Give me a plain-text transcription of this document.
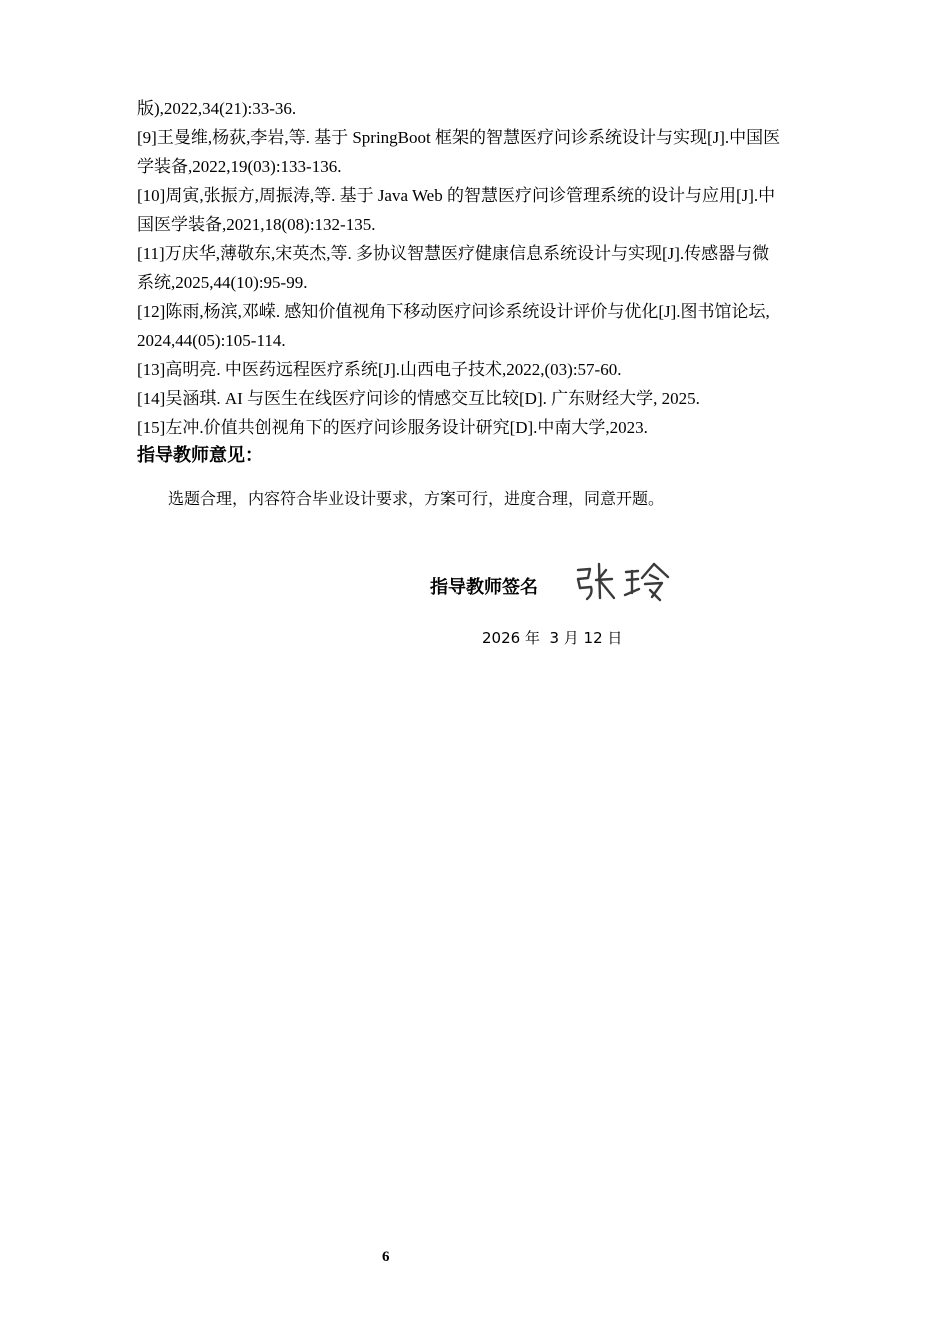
版),2022,34(21):33-36.
[9]王曼维,杨荻,李岩,等. 基于 SpringBoot 框架的智慧医疗问诊系统设计与实现[J].中国医
学装备,2022,19(03):133-136.
[10]周寅,张振方,周振涛,等. 基于 Java Web 的智慧医疗问诊管理系统的设计与应用[J].中
国医学装备,2021,18(08):132-135.
[11]万庆华,薄敬东,宋英杰,等. 多协议智慧医疗健康信息系统设计与实现[J].传感器与微
系统,2025,44(10):95-99.
[12]陈雨,杨滨,邓嵘. 感知价值视角下移动医疗问诊系统设计评价与优化[J].图书馆论坛,
2024,44(05):105-114.
[13]高明亮. 中医药远程医疗系统[J].山西电子技术,2022,(03):57-60.
[14]吴涵琪. AI 与医生在线医疗问诊的情感交互比较[D]. 广东财经大学, 2025.
[15]左冲.价值共创视角下的医疗问诊服务设计研究[D].中南大学,2023.
指导教师意见：
选题合理，内容符合毕业设计要求，方案可行，进度合理，同意开题。
指导教师签名
2026 年  3 月 12 日
6
